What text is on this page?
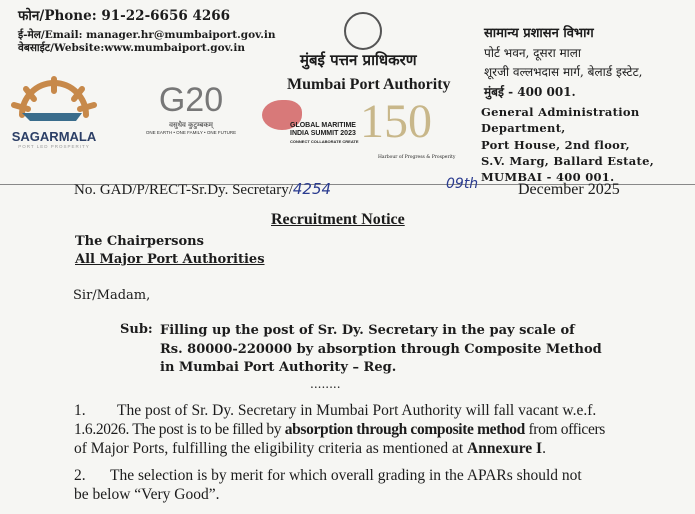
फोन/Phone: 91-22-6656 4266
ई-मेल/Email: manager.hr@mumbaiport.gov.in
वेबसाईट/Website:www.mumbaiport.gov.in
SAGARMALA
PORT LED PROSPERITY
G20
वसुधैव कुटुम्बकम्
ONE EARTH • ONE FAMILY • ONE FUTURE
मुंबई पत्तन प्राधिकरण
Mumbai Port Authority
GLOBAL MARITIME
INDIA SUMMIT 2023
CONNECT COLLABORATE CREATE 150
Harbour of Progress & Prosperity
सामान्य प्रशासन विभाग
पोर्ट भवन, दूसरा माला
शूरजी वल्लभदास मार्ग, बेलार्ड इस्टेट,
मुंबई - 400 001.
General Administration
Department,
Port House, 2nd floor,
S.V. Marg, Ballard Estate,
MUMBAI - 400 001.
No. GAD/P/RECT-Sr.Dy. Secretary/4254	09th December 2025
Recruitment Notice
The Chairpersons
All Major Port Authorities
Sir/Madam,
Sub: Filling up the post of Sr. Dy. Secretary in the pay scale of
Rs. 80000-220000 by absorption through Composite Method
in Mumbai Port Authority – Reg.
........
1. The post of Sr. Dy. Secretary in Mumbai Port Authority will fall vacant w.e.f.
1.6.2026. The post is to be filled by absorption through composite method from officers
of Major Ports, fulfilling the eligibility criteria as mentioned at Annexure I.
2. The selection is by merit for which overall grading in the APARs should not
be below “Very Good”.
